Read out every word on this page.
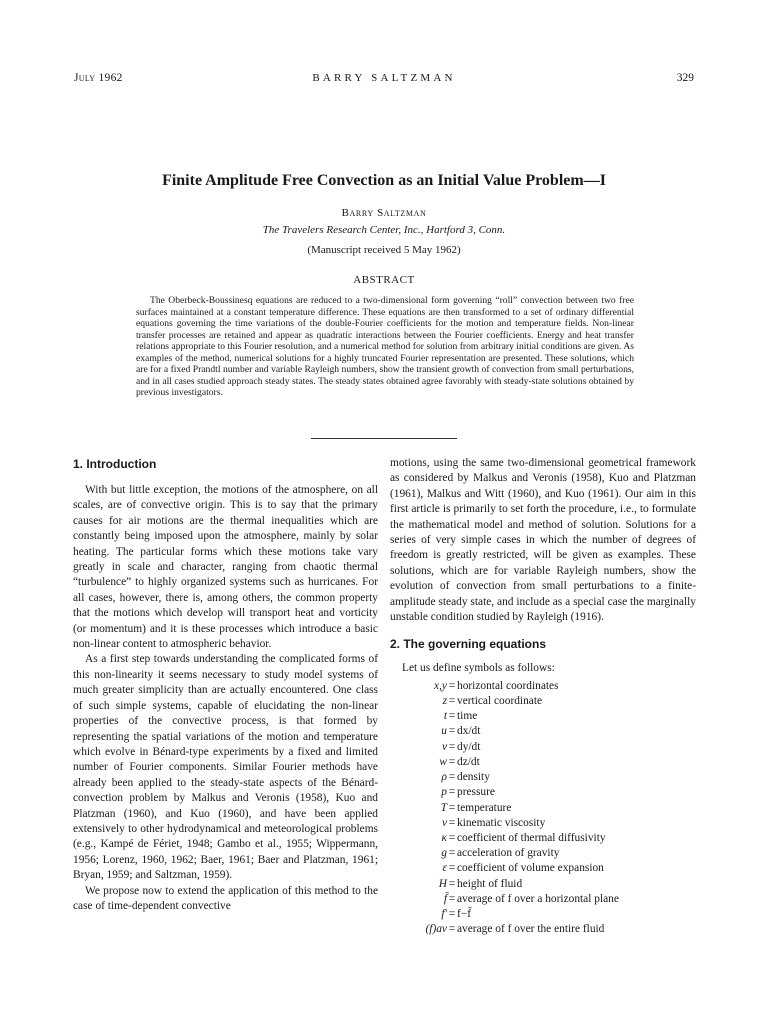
July 1962	BARRY SALTZMAN	329
Finite Amplitude Free Convection as an Initial Value Problem—I
Barry Saltzman
The Travelers Research Center, Inc., Hartford 3, Conn.
(Manuscript received 5 May 1962)
ABSTRACT
The Oberbeck-Boussinesq equations are reduced to a two-dimensional form governing “roll” convection between two free surfaces maintained at a constant temperature difference. These equations are then transformed to a set of ordinary differential equations governing the time variations of the double-Fourier coefficients for the motion and temperature fields. Non-linear transfer processes are retained and appear as quadratic interactions between the Fourier coefficients. Energy and heat transfer relations appropriate to this Fourier resolution, and a numerical method for solution from arbitrary initial conditions are given. As examples of the method, numerical solutions for a highly truncated Fourier representation are presented. These solutions, which are for a fixed Prandtl number and variable Rayleigh numbers, show the transient growth of convection from small perturbations, and in all cases studied approach steady states. The steady states obtained agree favorably with steady-state solutions obtained by previous investigators.
1. Introduction

With but little exception, the motions of the atmosphere, on all scales, are of convective origin. This is to say that the primary causes for air motions are the thermal inequalities which are constantly being imposed upon the atmosphere, mainly by solar heating. The particular forms which these motions take vary greatly in scale and character, ranging from chaotic thermal “turbulence” to highly organized systems such as hurricanes. For all cases, however, there is, among others, the common property that the motions which develop will transport heat and vorticity (or momentum) and it is these processes which introduce a basic non-linear content to atmospheric behavior.

As a first step towards understanding the complicated forms of this non-linearity it seems necessary to study model systems of much greater simplicity than are actually encountered. One class of such simple systems, capable of elucidating the non-linear properties of the convective process, is that formed by representing the spatial variations of the motion and temperature which evolve in Bénard-type experiments by a fixed and limited number of Fourier components. Similar Fourier methods have already been applied to the steady-state aspects of the Bénard-convection problem by Malkus and Veronis (1958), Kuo and Platzman (1960), and Kuo (1960), and have been applied extensively to other hydrodynamical and meteorological problems (e.g., Kampé de Fériet, 1948; Gambo et al., 1955; Wippermann, 1956; Lorenz, 1960, 1962; Baer, 1961; Baer and Platzman, 1961; Bryan, 1959; and Saltzman, 1959).

We propose now to extend the application of this method to the case of time-dependent convective

motions, using the same two-dimensional geometrical framework as considered by Malkus and Veronis (1958), Kuo and Platzman (1961), Malkus and Witt (1960), and Kuo (1961). Our aim in this first article is primarily to set forth the procedure, i.e., to formulate the mathematical model and method of solution. Solutions for a series of very simple cases in which the number of degrees of freedom is greatly restricted, will be given as examples. These solutions, which are for variable Rayleigh numbers, show the evolution of convection from small perturbations to a finite-amplitude steady state, and include as a special case the marginally unstable condition studied by Rayleigh (1916).

2. The governing equations

Let us define symbols as follows:

x,y = horizontal coordinates
z = vertical coordinate
t = time
u = dx/dt
v = dy/dt
w = dz/dt
ρ = density
p = pressure
T = temperature
ν = kinematic viscosity
κ = coefficient of thermal diffusivity
g = acceleration of gravity
ε = coefficient of volume expansion
H = height of fluid
f̄ = average of f over a horizontal plane
f′ = f−f̄
(f)av = average of f over the entire fluid
